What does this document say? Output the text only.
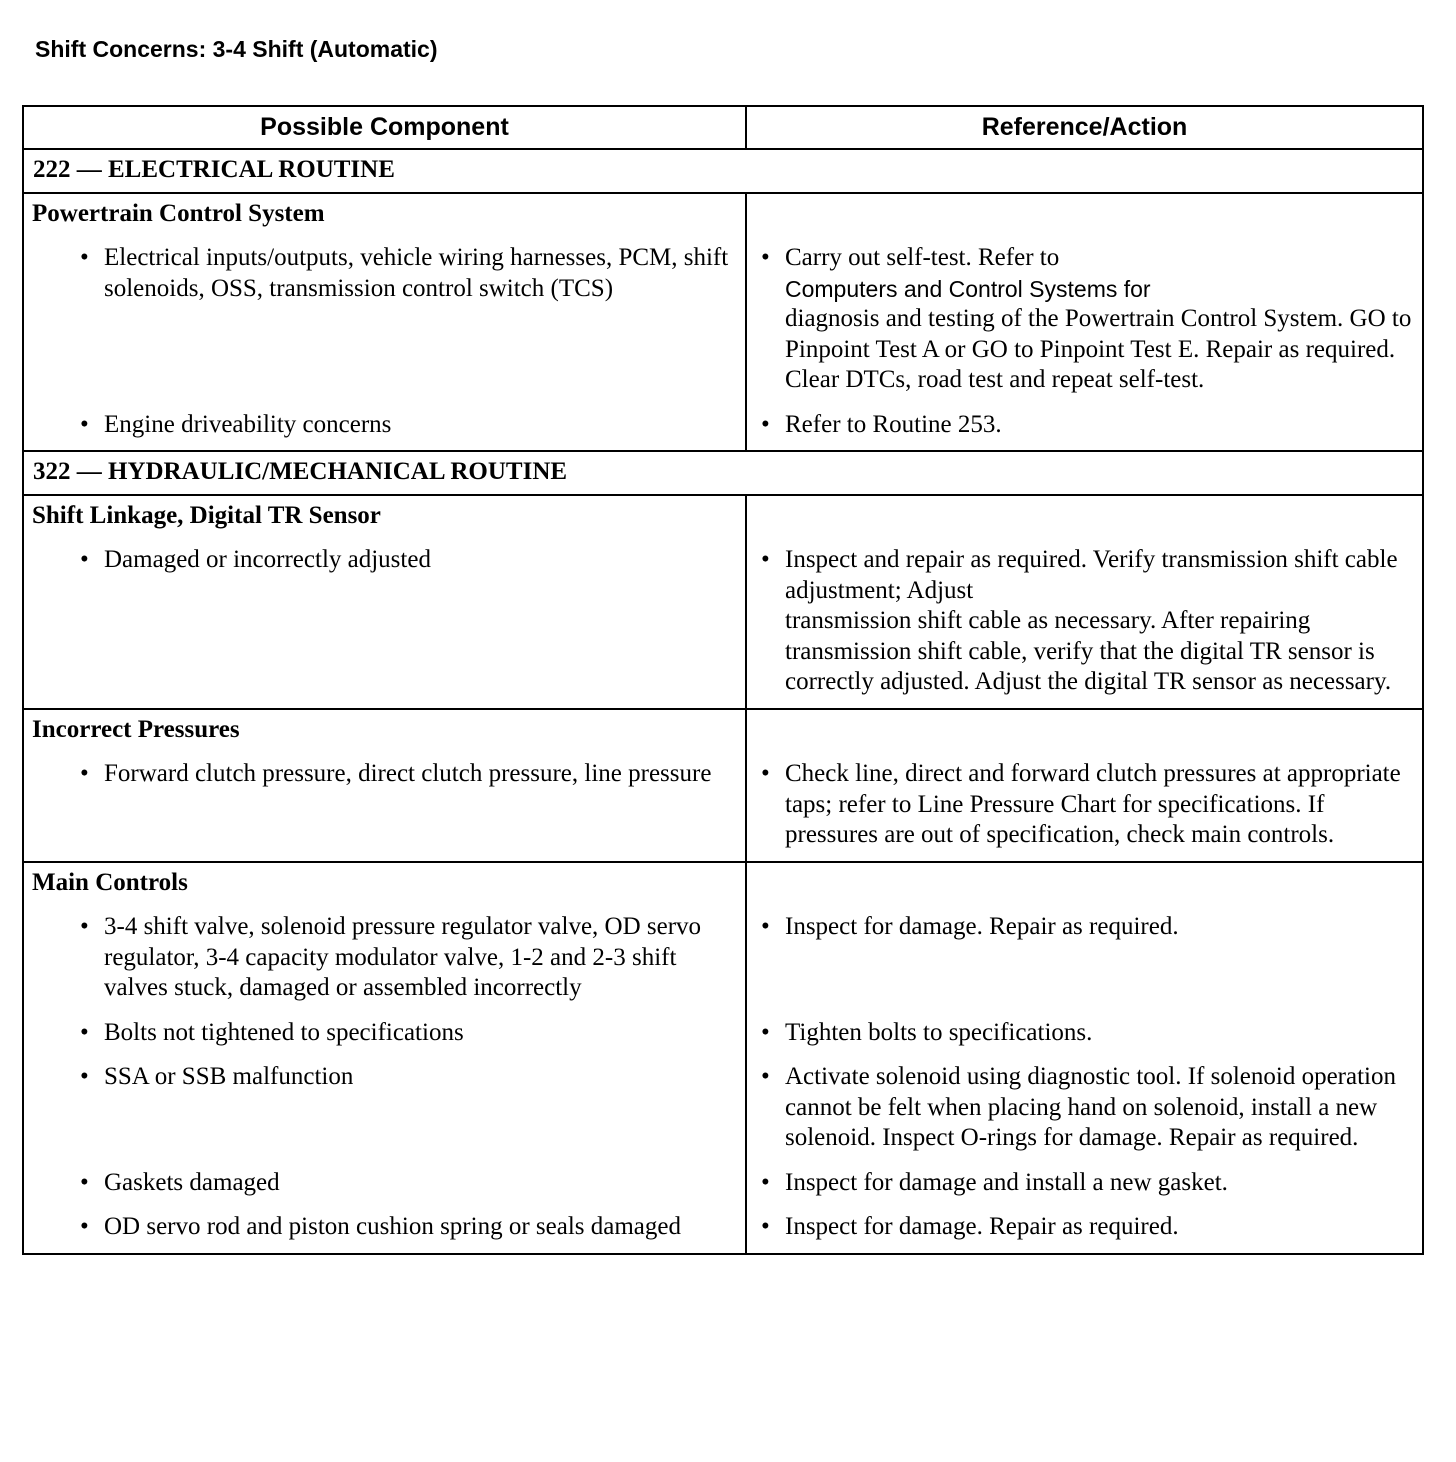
Shift Concerns: 3-4 Shift (Automatic)
Possible Component	Reference/Action
222 — ELECTRICAL ROUTINE	
Powertrain Control System	

• Electrical inputs/outputs, vehicle wiring harnesses, PCM, shift solenoids, OSS, transmission control switch (TCS)	• Carry out self-test. Refer to
Computers and Control Systems for
diagnosis and testing of the Powertrain Control System. GO to Pinpoint Test A or GO to Pinpoint Test E. Repair as required. Clear DTCs, road test and repeat self-test.

• Engine driveability concerns	• Refer to Routine 253.

322 — HYDRAULIC/MECHANICAL ROUTINE	
Shift Linkage, Digital TR Sensor	

• Damaged or incorrectly adjusted	• Inspect and repair as required. Verify transmission shift cable adjustment; Adjust
transmission shift cable as necessary. After repairing transmission shift cable, verify that the digital TR sensor is correctly adjusted. Adjust the digital TR sensor as necessary.

Incorrect Pressures	

• Forward clutch pressure, direct clutch pressure, line pressure	• Check line, direct and forward clutch pressures at appropriate taps; refer to Line Pressure Chart for specifications. If pressures are out of specification, check main controls.

Main Controls	

• 3-4 shift valve, solenoid pressure regulator valve, OD servo regulator, 3-4 capacity modulator valve, 1-2 and 2-3 shift valves stuck, damaged or assembled incorrectly	• Inspect for damage. Repair as required.

• Bolts not tightened to specifications	• Tighten bolts to specifications.

• SSA or SSB malfunction	• Activate solenoid using diagnostic tool. If solenoid operation cannot be felt when placing hand on solenoid, install a new solenoid. Inspect O-rings for damage. Repair as required.

• Gaskets damaged	• Inspect for damage and install a new gasket.

• OD servo rod and piston cushion spring or seals damaged	• Inspect for damage. Repair as required.
